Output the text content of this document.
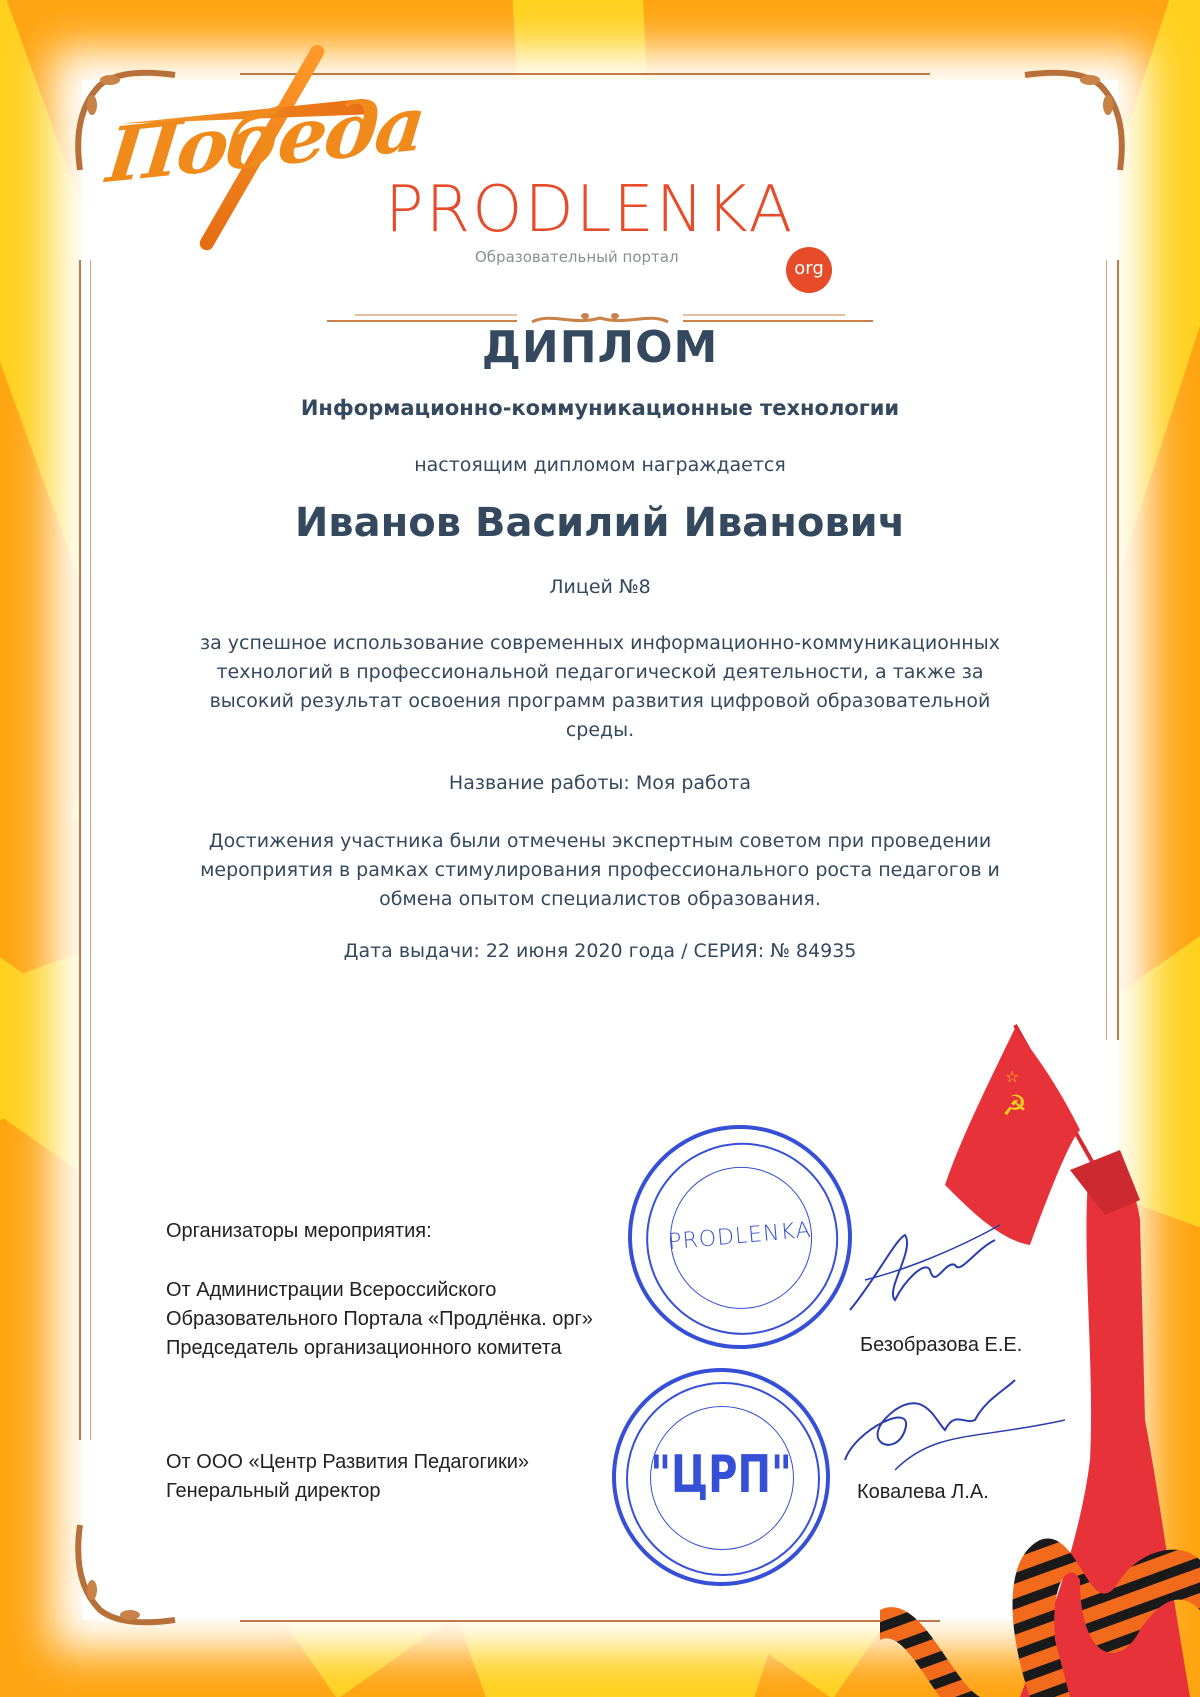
Победа
PRODLENKA
Образовательный портал
org
ДИПЛОМ
Информационно-коммуникационные технологии
настоящим дипломом награждается
Иванов Василий Иванович
Лицей №8
за успешное использование современных информационно-коммуникационных
технологий в профессиональной педагогической деятельности, а также за
высокий результат освоения программ развития цифровой образовательной
среды.
Название работы: Моя работа
Достижения участника были отмечены экспертным советом при проведении
мероприятия в рамках стимулирования профессионального роста педагогов и
обмена опытом специалистов образования.
Дата выдачи: 22 июня 2020 года / СЕРИЯ: № 84935
Организаторы мероприятия:
От Администрации Всероссийского
Образовательного Портала «Продлёнка. орг»
Председатель организационного комитета
От ООО «Центр Развития Педагогики»
Генеральный директор
☭
☆
PRODLENKA
"ЦРП"
Безобразова Е.Е.
Ковалева Л.А.
